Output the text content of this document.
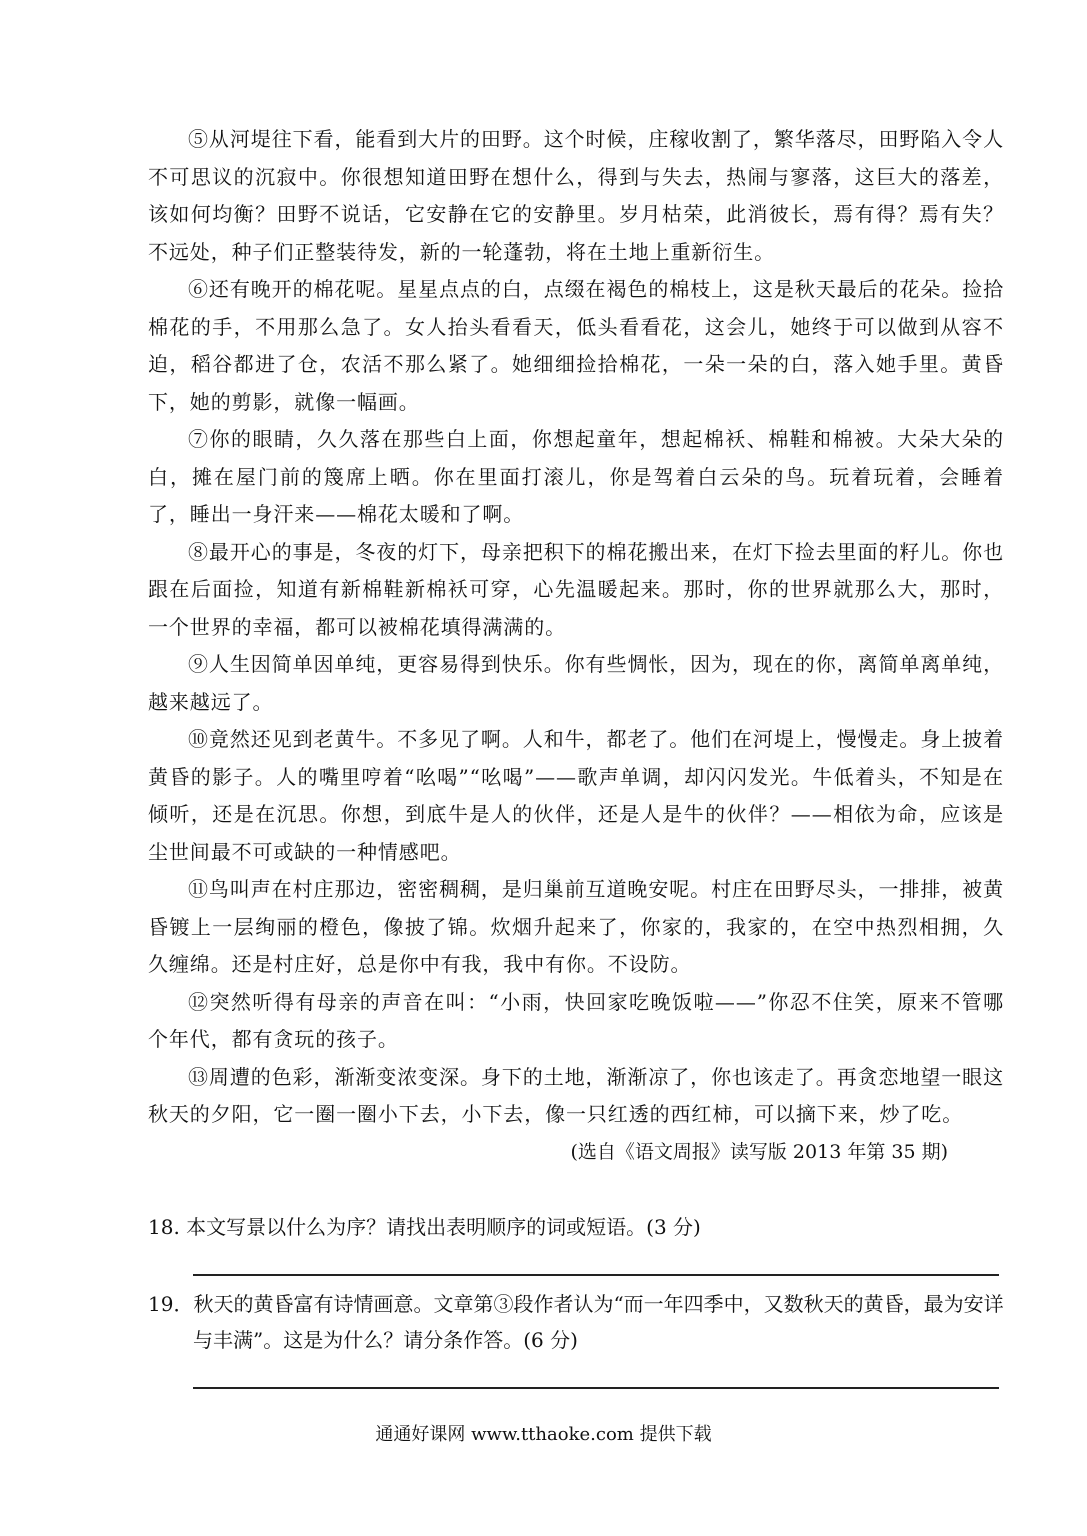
⑤从河堤往下看，能看到大片的田野。这个时候，庄稼收割了，繁华落尽，田野陷入令人不可思议的沉寂中。你很想知道田野在想什么，得到与失去，热闹与寥落，这巨大的落差，该如何均衡？田野不说话，它安静在它的安静里。岁月枯荣，此消彼长，焉有得？焉有失？不远处，种子们正整装待发，新的一轮蓬勃，将在土地上重新衍生。

⑥还有晚开的棉花呢。星星点点的白，点缀在褐色的棉枝上，这是秋天最后的花朵。捡拾棉花的手，不用那么急了。女人抬头看看天，低头看看花，这会儿，她终于可以做到从容不迫，稻谷都进了仓，农活不那么紧了。她细细捡拾棉花，一朵一朵的白，落入她手里。黄昏下，她的剪影，就像一幅画。

⑦你的眼睛，久久落在那些白上面，你想起童年，想起棉袄、棉鞋和棉被。大朵大朵的白，摊在屋门前的篾席上晒。你在里面打滚儿，你是驾着白云朵的鸟。玩着玩着，会睡着了，睡出一身汗来——棉花太暖和了啊。

⑧最开心的事是，冬夜的灯下，母亲把积下的棉花搬出来，在灯下捡去里面的籽儿。你也跟在后面捡，知道有新棉鞋新棉袄可穿，心先温暖起来。那时，你的世界就那么大，那时，一个世界的幸福，都可以被棉花填得满满的。

⑨人生因简单因单纯，更容易得到快乐。你有些惆怅，因为，现在的你，离简单离单纯，越来越远了。

⑩竟然还见到老黄牛。不多见了啊。人和牛，都老了。他们在河堤上，慢慢走。身上披着黄昏的影子。人的嘴里哼着“吆喝”“吆喝”——歌声单调，却闪闪发光。牛低着头，不知是在倾听，还是在沉思。你想，到底牛是人的伙伴，还是人是牛的伙伴？——相依为命，应该是尘世间最不可或缺的一种情感吧。

⑪鸟叫声在村庄那边，密密稠稠，是归巢前互道晚安呢。村庄在田野尽头，一排排，被黄昏镀上一层绚丽的橙色，像披了锦。炊烟升起来了，你家的，我家的，在空中热烈相拥，久久缠绵。还是村庄好，总是你中有我，我中有你。不设防。

⑫突然听得有母亲的声音在叫：“小雨，快回家吃晚饭啦——”你忍不住笑，原来不管哪个年代，都有贪玩的孩子。

⑬周遭的色彩，渐渐变浓变深。身下的土地，渐渐凉了，你也该走了。再贪恋地望一眼这秋天的夕阳，它一圈一圈小下去，小下去，像一只红透的西红柿，可以摘下来，炒了吃。

(选自《语文周报》读写版 2013 年第 35 期)

18. 本文写景以什么为序？请找出表明顺序的词或短语。(3 分)

19．秋天的黄昏富有诗情画意。文章第③段作者认为“而一年四季中，又数秋天的黄昏，最为安详与丰满”。这是为什么？请分条作答。(6 分)

通通好课网 www.tthaoke.com 提供下载
